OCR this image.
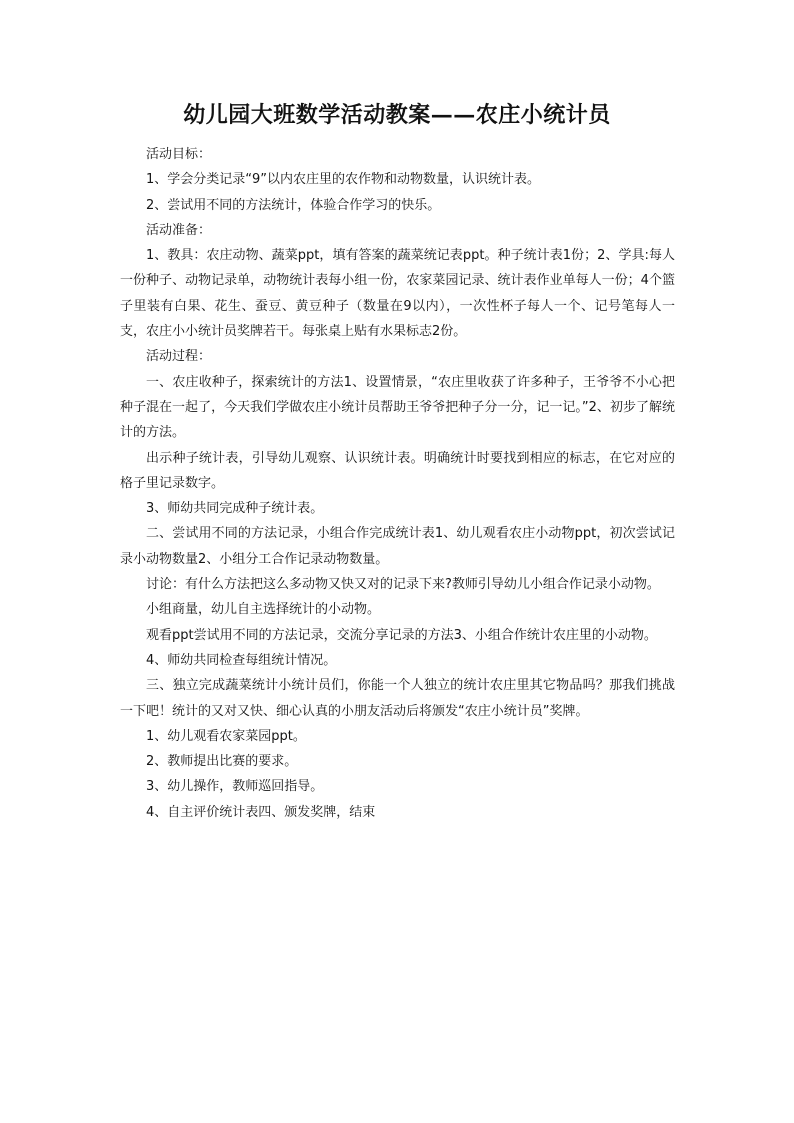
幼儿园大班数学活动教案——农庄小统计员

活动目标：

1、学会分类记录“9”以内农庄里的农作物和动物数量，认识统计表。

2、尝试用不同的方法统计，体验合作学习的快乐。

活动准备：

1、教具：农庄动物、蔬菜ppt，填有答案的蔬菜统记表ppt。种子统计表1份；2、学具:每人一份种子、动物记录单，动物统计表每小组一份，农家菜园记录、统计表作业单每人一份；4个篮子里装有白果、花生、蚕豆、黄豆种子（数量在9以内），一次性杯子每人一个、记号笔每人一支，农庄小小统计员奖牌若干。每张桌上贴有水果标志2份。

活动过程：

一、农庄收种子，探索统计的方法1、设置情景，“农庄里收获了许多种子，王爷爷不小心把种子混在一起了，今天我们学做农庄小统计员帮助王爷爷把种子分一分，记一记。”2、初步了解统计的方法。

出示种子统计表，引导幼儿观察、认识统计表。明确统计时要找到相应的标志，在它对应的格子里记录数字。

3、师幼共同完成种子统计表。

二、尝试用不同的方法记录，小组合作完成统计表1、幼儿观看农庄小动物ppt，初次尝试记录小动物数量2、小组分工合作记录动物数量。

讨论：有什么方法把这么多动物又快又对的记录下来?教师引导幼儿小组合作记录小动物。

小组商量，幼儿自主选择统计的小动物。

观看ppt尝试用不同的方法记录，交流分享记录的方法3、小组合作统计农庄里的小动物。

4、师幼共同检查每组统计情况。

三、独立完成蔬菜统计小统计员们，你能一个人独立的统计农庄里其它物品吗？那我们挑战一下吧！统计的又对又快、细心认真的小朋友活动后将颁发“农庄小统计员”奖牌。

1、幼儿观看农家菜园ppt。

2、教师提出比赛的要求。

3、幼儿操作，教师巡回指导。

4、自主评价统计表四、颁发奖牌，结束
